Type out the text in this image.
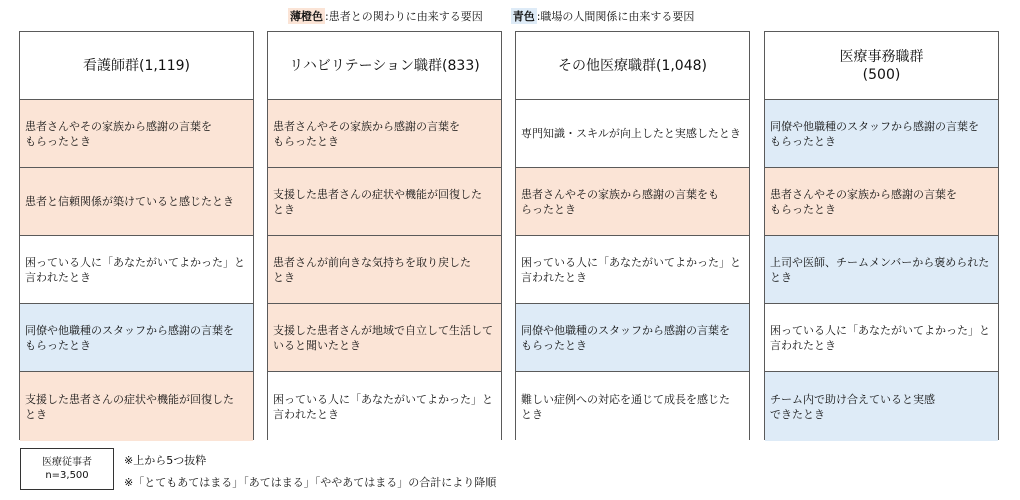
薄橙色 :患者との関わりに由来する要因	青色 :職場の人間関係に由来する要因
看護師群(1,119)
患者さんやその家族から感謝の言葉を
もらったとき
患者と信頼関係が築けていると感じたとき
困っている人に「あなたがいてよかった」と
言われたとき
同僚や他職種のスタッフから感謝の言葉を
もらったとき
支援した患者さんの症状や機能が回復した
とき
リハビリテーション職群(833)
患者さんやその家族から感謝の言葉を
もらったとき
支援した患者さんの症状や機能が回復した
とき
患者さんが前向きな気持ちを取り戻した
とき
支援した患者さんが地域で自立して生活して
いると聞いたとき
困っている人に「あなたがいてよかった」と
言われたとき
その他医療職群(1,048)
専門知識・スキルが向上したと実感したとき
患者さんやその家族から感謝の言葉をも
らったとき
困っている人に「あなたがいてよかった」と
言われたとき
同僚や他職種のスタッフから感謝の言葉を
もらったとき
難しい症例への対応を通じて成長を感じた
とき
医療事務職群
(500)
同僚や他職種のスタッフから感謝の言葉を
もらったとき
患者さんやその家族から感謝の言葉を
もらったとき
上司や医師、チームメンバーから褒められた
とき
困っている人に「あなたがいてよかった」と
言われたとき
チーム内で助け合えていると実感
できたとき
医療従事者
n=3,500
※上から5つ抜粋
※「とてもあてはまる」「あてはまる」「ややあてはまる」の合計により降順
